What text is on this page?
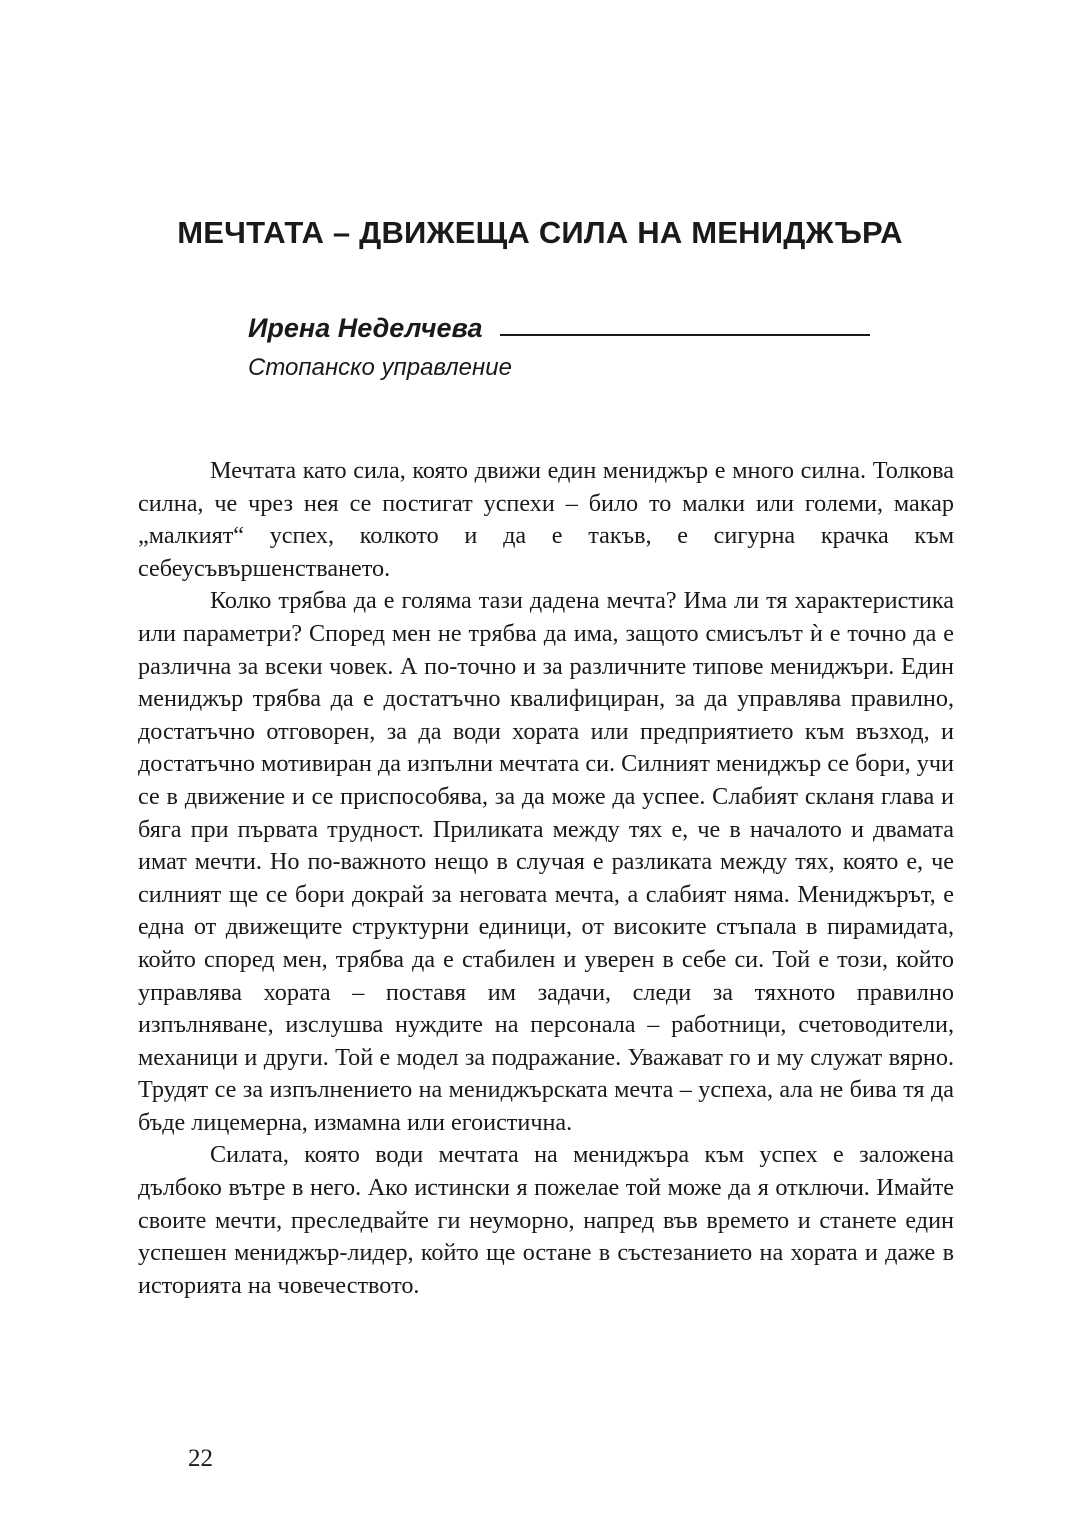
МЕЧТАТА – ДВИЖЕЩА СИЛА НА МЕНИДЖЪРА
Ирена Неделчева
Стопанско управление

Мечтата като сила, която движи един мениджър е много силна. Толкова силна, че чрез нея се постигат успехи – било то малки или големи, макар „малкият“ успех, колкото и да е такъв, е сигурна крачка към себеусъвършенстването.

Колко трябва да е голяма тази дадена мечта? Има ли тя характеристика или параметри? Според мен не трябва да има, защото смисълът ѝ е точно да е различна за всеки човек. А по-точно и за различните типове мениджъри. Един мениджър трябва да е достатъчно квалифициран, за да управлява правилно, достатъчно отговорен, за да води хората или предприятието към възход, и достатъчно мотивиран да изпълни мечтата си. Силният мениджър се бори, учи се в движение и се приспособява, за да може да успее. Слабият скланя глава и бяга при първата трудност. Приликата между тях е, че в началото и двамата имат мечти. Но по-важното нещо в случая е разликата между тях, която е, че силният ще се бори докрай за неговата мечта, а слабият няма. Мениджърът, е една от движещите структурни единици, от високите стъпала в пирамидата, който според мен, трябва да е стабилен и уверен в себе си. Той е този, който управлява хората – поставя им задачи, следи за тяхното правилно изпълняване, изслушва нуждите на персонала – работници, счетоводители, механици и други. Той е модел за подражание. Уважават го и му служат вярно. Трудят се за изпълнението на мениджърската мечта – успеха, ала не бива тя да бъде лицемерна, измамна или егоистична.

Силата, която води мечтата на мениджъра към успех е заложена дълбоко вътре в него. Ако истински я пожелае той може да я отключи. Имайте своите мечти, преследвайте ги неуморно, напред във времето и станете един успешен мениджър-лидер, който ще остане в състезанието на хората и даже в историята на човечеството.

22
